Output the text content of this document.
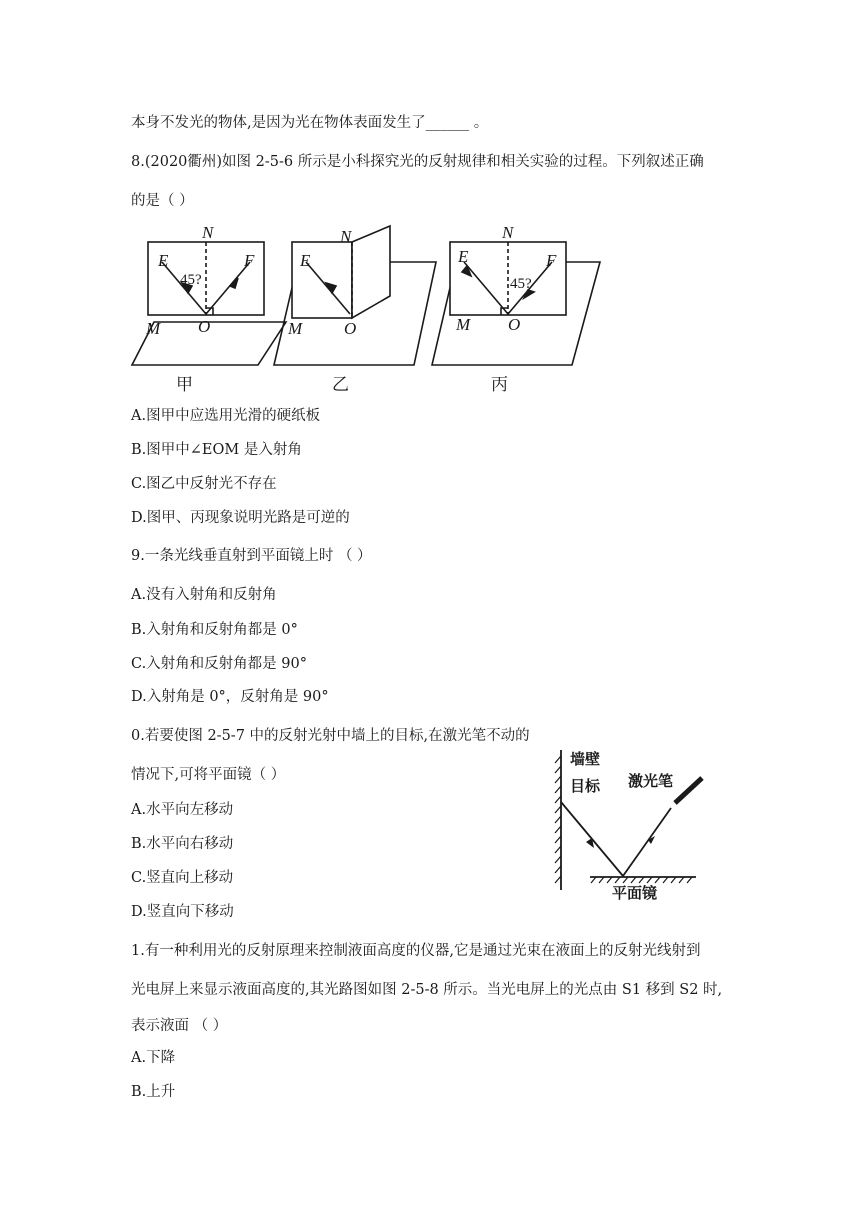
本身不发光的物体,是因为光在物体表面发生了______ 。
8.(2020衢州)如图 2-5-6 所示是小科探究光的反射规律和相关实验的过程。下列叙述正确
的是（ ）
N
E	F
M O
N
E
M O
N
E	F
M O
45?	45?
甲	乙	丙
A.图甲中应选用光滑的硬纸板
B.图甲中∠EOM 是入射角
C.图乙中反射光不存在
D.图甲、丙现象说明光路是可逆的
9.一条光线垂直射到平面镜上时 （ ）
A.没有入射角和反射角
B.入射角和反射角都是 0°
C.入射角和反射角都是 90°
D.入射角是 0°，反射角是 90°
0.若要使图 2-5-7 中的反射光射中墙上的目标,在激光笔不动的
情况下,可将平面镜（ ）
A.水平向左移动
B.水平向右移动
C.竖直向上移动
D.竖直向下移动
墙壁
目标 激光笔
平面镜
1.有一种利用光的反射原理来控制液面高度的仪器,它是通过光束在液面上的反射光线射到
光电屏上来显示液面高度的,其光路图如图 2-5-8 所示。当光电屏上的光点由 S1 移到 S2 时,
表示液面 （ ）
A.下降
B.上升
